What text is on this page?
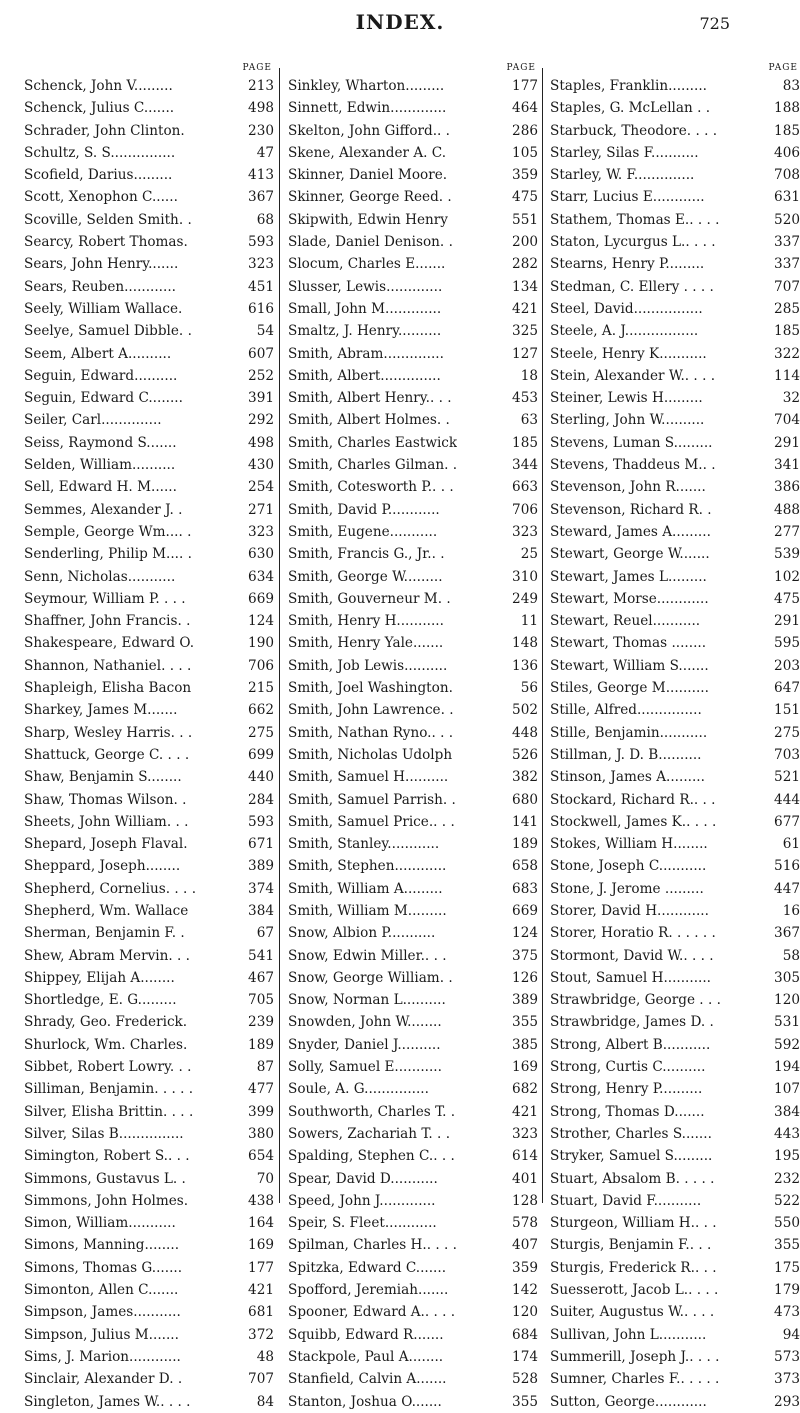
INDEX.	725
PAGE
Schenck, John V.........	213
Schenck, Julius C.......	498
Schrader, John Clinton.	230
Schultz, S. S...............	47
Scofield, Darius.........	413
Scott, Xenophon C......	367
Scoville, Selden Smith. .	68
Searcy, Robert Thomas.	593
Sears, John Henry.......	323
Sears, Reuben............	451
Seely, William Wallace.	616
Seelye, Samuel Dibble. .	54
Seem, Albert A..........	607
Seguin, Edward..........	252
Seguin, Edward C........	391
Seiler, Carl..............	292
Seiss, Raymond S.......	498
Selden, William..........	430
Sell, Edward H. M......	254
Semmes, Alexander J. .	271
Semple, George Wm.... .	323
Senderling, Philip M.... .	630
Senn, Nicholas...........	634
Seymour, William P. . . .	669
Shaffner, John Francis. .	124
Shakespeare, Edward O.	190
Shannon, Nathaniel. . . .	706
Shapleigh, Elisha Bacon	215
Sharkey, James M.......	662
Sharp, Wesley Harris. . .	275
Shattuck, George C. . . .	699
Shaw, Benjamin S........	440
Shaw, Thomas Wilson. .	284
Sheets, John William. . .	593
Shepard, Joseph Flaval.	671
Sheppard, Joseph........	389
Shepherd, Cornelius. . . .	374
Shepherd, Wm. Wallace	384
Sherman, Benjamin F. .	67
Shew, Abram Mervin. . .	541
Shippey, Elijah A........	467
Shortledge, E. G.........	705
Shrady, Geo. Frederick.	239
Shurlock, Wm. Charles.	189
Sibbet, Robert Lowry. . .	87
Silliman, Benjamin. . . . .	477
Silver, Elisha Brittin. . . .	399
Silver, Silas B...............	380
Simington, Robert S.. . .	654
Simmons, Gustavus L. .	70
Simmons, John Holmes.	438
Simon, William...........	164
Simons, Manning........	169
Simons, Thomas G.......	177
Simonton, Allen C.......	421
Simpson, James...........	681
Simpson, Julius M.......	372
Sims, J. Marion............	48
Sinclair, Alexander D. .	707
Singleton, James W.. . . .	84
PAGE
Sinkley, Wharton.........	177
Sinnett, Edwin.............	464
Skelton, John Gifford.. .	286
Skene, Alexander A. C.	105
Skinner, Daniel Moore.	359
Skinner, George Reed. .	475
Skipwith, Edwin Henry	551
Slade, Daniel Denison. .	200
Slocum, Charles E.......	282
Slusser, Lewis.............	134
Small, John M.............	421
Smaltz, J. Henry..........	325
Smith, Abram..............	127
Smith, Albert..............	18
Smith, Albert Henry.. . .	453
Smith, Albert Holmes. .	63
Smith, Charles Eastwick	185
Smith, Charles Gilman. .	344
Smith, Cotesworth P.. . .	663
Smith, David P............	706
Smith, Eugene...........	323
Smith, Francis G., Jr.. .	25
Smith, George W.........	310
Smith, Gouverneur M. .	249
Smith, Henry H...........	11
Smith, Henry Yale.......	148
Smith, Job Lewis..........	136
Smith, Joel Washington.	56
Smith, John Lawrence. .	502
Smith, Nathan Ryno.. . .	448
Smith, Nicholas Udolph	526
Smith, Samuel H..........	382
Smith, Samuel Parrish. .	680
Smith, Samuel Price.. . .	141
Smith, Stanley............	189
Smith, Stephen............	658
Smith, William A.........	683
Smith, William M.........	669
Snow, Albion P...........	124
Snow, Edwin Miller.. . .	375
Snow, George William. .	126
Snow, Norman L..........	389
Snowden, John W........	355
Snyder, Daniel J..........	385
Solly, Samuel E...........	169
Soule, A. G...............	682
Southworth, Charles T. .	421
Sowers, Zachariah T. . .	323
Spalding, Stephen C.. . .	614
Spear, David D...........	401
Speed, John J.............	128
Speir, S. Fleet............	578
Spilman, Charles H.. . . .	407
Spitzka, Edward C.......	359
Spofford, Jeremiah.......	142
Spooner, Edward A.. . . .	120
Squibb, Edward R.......	684
Stackpole, Paul A........	174
Stanfield, Calvin A.......	528
Stanton, Joshua O.......	355
PAGE
Staples, Franklin.........	83
Staples, G. McLellan . .	188
Starbuck, Theodore. . . .	185
Starley, Silas F...........	406
Starley, W. F..............	708
Starr, Lucius E............	631
Stathem, Thomas E.. . . .	520
Staton, Lycurgus L.. . . .	337
Stearns, Henry P.........	337
Stedman, C. Ellery . . . .	707
Steel, David................	285
Steele, A. J.................	185
Steele, Henry K...........	322
Stein, Alexander W.. . . .	114
Steiner, Lewis H.........	32
Sterling, John W..........	704
Stevens, Luman S.........	291
Stevens, Thaddeus M.. .	341
Stevenson, John R.......	386
Stevenson, Richard R. .	488
Steward, James A.........	277
Stewart, George W.......	539
Stewart, James L.........	102
Stewart, Morse............	475
Stewart, Reuel...........	291
Stewart, Thomas ........	595
Stewart, William S.......	203
Stiles, George M..........	647
Stille, Alfred...............	151
Stille, Benjamin...........	275
Stillman, J. D. B..........	703
Stinson, James A.........	521
Stockard, Richard R.. . .	444
Stockwell, James K.. . . .	677
Stokes, William H........	61
Stone, Joseph C...........	516
Stone, J. Jerome .........	447
Storer, David H............	16
Storer, Horatio R. . . . . .	367
Stormont, David W.. . . .	58
Stout, Samuel H...........	305
Strawbridge, George . . .	120
Strawbridge, James D. .	531
Strong, Albert B...........	592
Strong, Curtis C..........	194
Strong, Henry P..........	107
Strong, Thomas D.......	384
Strother, Charles S.......	443
Stryker, Samuel S.........	195
Stuart, Absalom B. . . . .	232
Stuart, David F...........	522
Sturgeon, William H.. . .	550
Sturgis, Benjamin F.. . .	355
Sturgis, Frederick R.. . .	175
Suesserott, Jacob L.. . . .	179
Suiter, Augustus W.. . . .	473
Sullivan, John L...........	94
Summerill, Joseph J.. . . .	573
Sumner, Charles F.. . . . .	373
Sutton, George............	293
